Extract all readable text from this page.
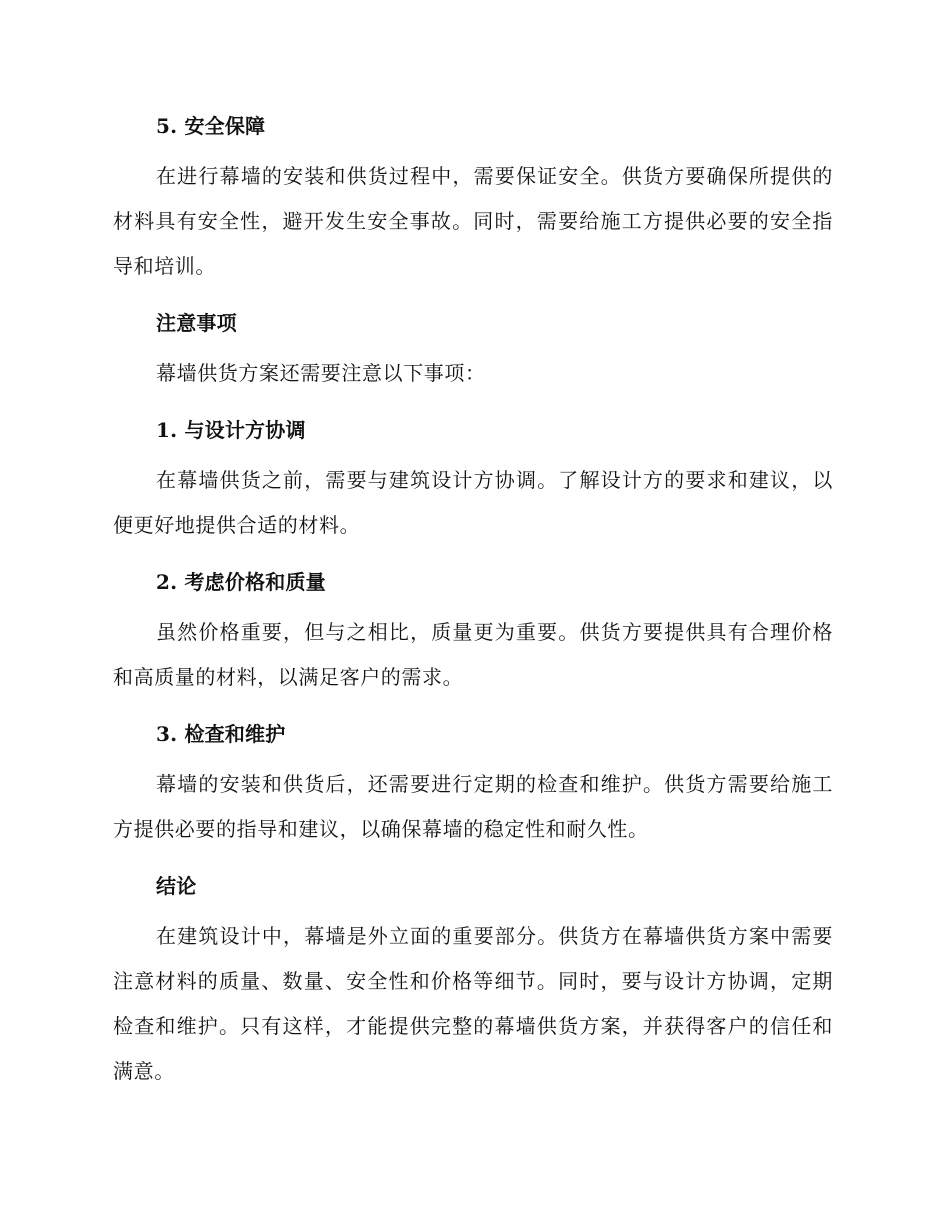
5. 安全保障

在进行幕墙的安装和供货过程中，需要保证安全。供货方要确保所提供的材料具有安全性，避开发生安全事故。同时，需要给施工方提供必要的安全指导和培训。

注意事项

幕墙供货方案还需要注意以下事项：

1. 与设计方协调

在幕墙供货之前，需要与建筑设计方协调。了解设计方的要求和建议，以便更好地提供合适的材料。

2. 考虑价格和质量

虽然价格重要，但与之相比，质量更为重要。供货方要提供具有合理价格和高质量的材料，以满足客户的需求。

3. 检查和维护

幕墙的安装和供货后，还需要进行定期的检查和维护。供货方需要给施工方提供必要的指导和建议，以确保幕墙的稳定性和耐久性。

结论

在建筑设计中，幕墙是外立面的重要部分。供货方在幕墙供货方案中需要注意材料的质量、数量、安全性和价格等细节。同时，要与设计方协调，定期检查和维护。只有这样，才能提供完整的幕墙供货方案，并获得客户的信任和满意。
